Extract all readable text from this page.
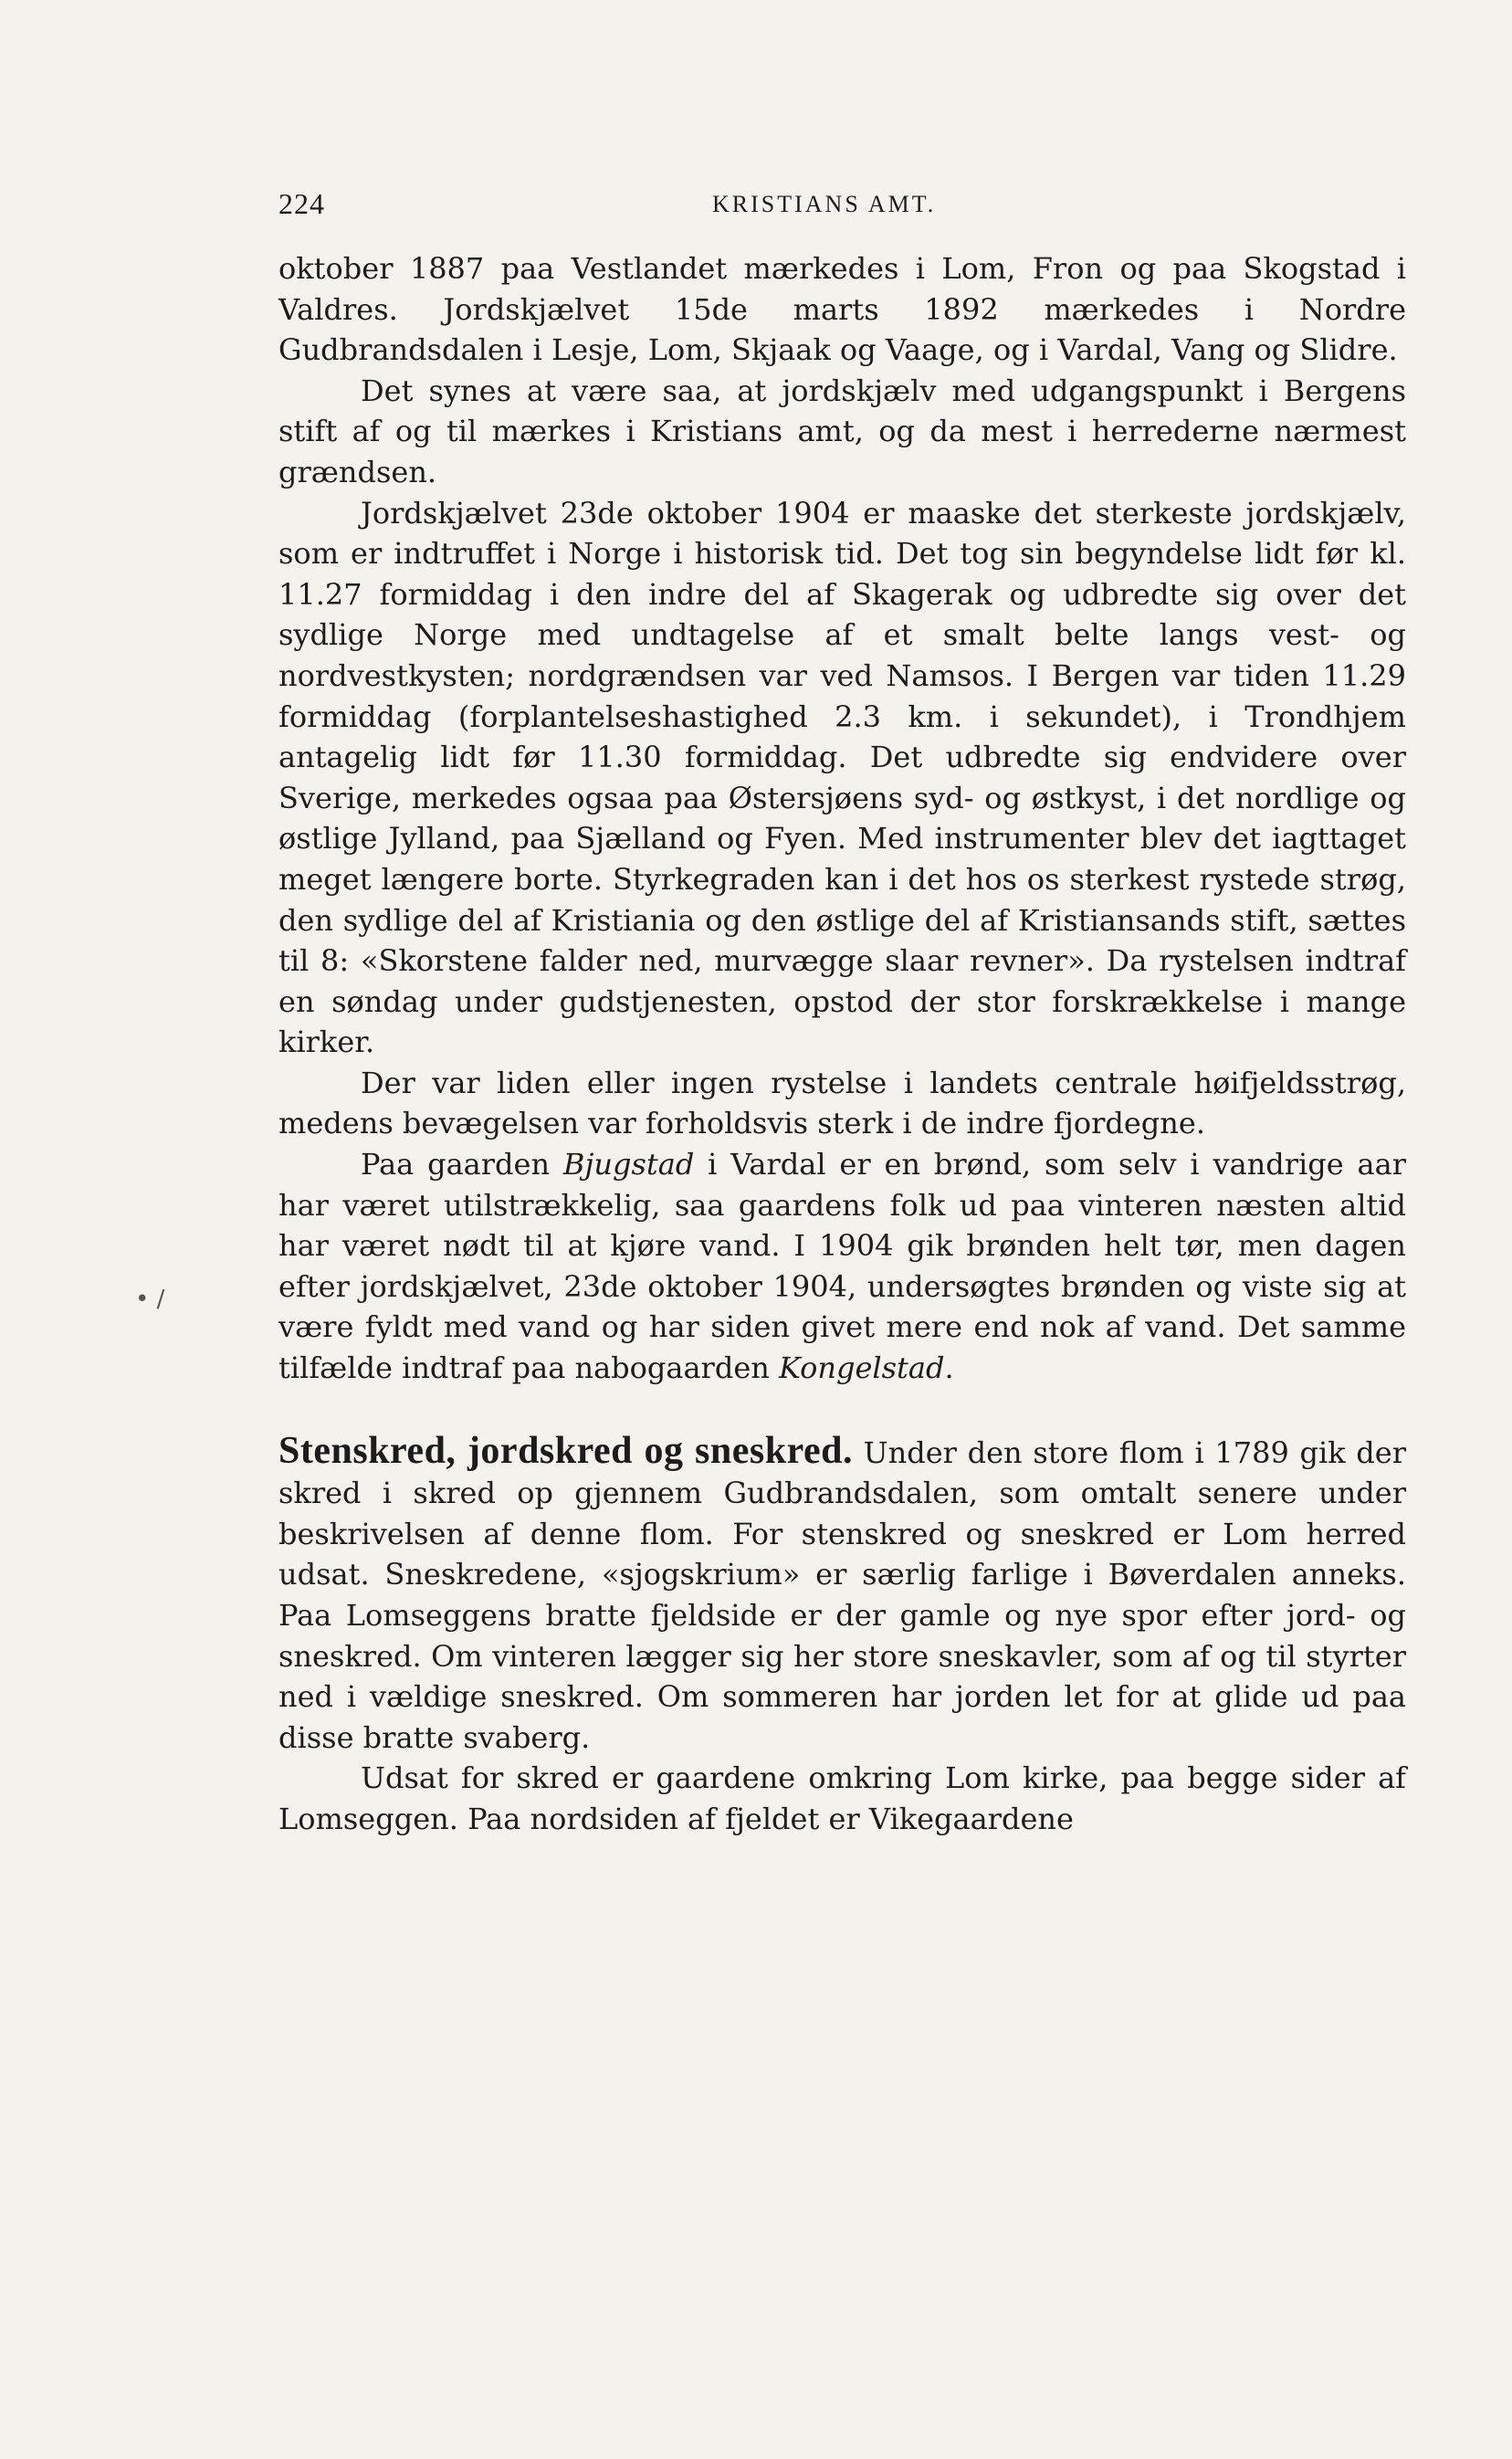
224	KRISTIANS AMT.
• /

oktober 1887 paa Vestlandet mærkedes i Lom, Fron og paa Skogstad i Valdres. Jordskjælvet 15de marts 1892 mærkedes i Nordre Gudbrandsdalen i Lesje, Lom, Skjaak og Vaage, og i Vardal, Vang og Slidre.

Det synes at være saa, at jordskjælv med udgangspunkt i Bergens stift af og til mærkes i Kristians amt, og da mest i herrederne nærmest grændsen.

Jordskjælvet 23de oktober 1904 er maaske det sterkeste jordskjælv, som er indtruffet i Norge i historisk tid. Det tog sin begyndelse lidt før kl. 11.27 formiddag i den indre del af Skagerak og udbredte sig over det sydlige Norge med undtagelse af et smalt belte langs vest- og nordvestkysten; nordgrændsen var ved Namsos. I Bergen var tiden 11.29 formiddag (forplantelseshastighed 2.3 km. i sekundet), i Trondhjem antagelig lidt før 11.30 formiddag. Det udbredte sig endvidere over Sverige, merkedes ogsaa paa Østersjøens syd- og østkyst, i det nordlige og østlige Jylland, paa Sjælland og Fyen. Med instrumenter blev det iagttaget meget længere borte. Styrkegraden kan i det hos os sterkest rystede strøg, den sydlige del af Kristiania og den østlige del af Kristiansands stift, sættes til 8: «Skorstene falder ned, murvægge slaar revner». Da rystelsen indtraf en søndag under gudstjenesten, opstod der stor forskrækkelse i mange kirker.

Der var liden eller ingen rystelse i landets centrale høifjeldsstrøg, medens bevægelsen var forholdsvis sterk i de indre fjordegne.

Paa gaarden Bjugstad i Vardal er en brønd, som selv i vandrige aar har været utilstrækkelig, saa gaardens folk ud paa vinteren næsten altid har været nødt til at kjøre vand. I 1904 gik brønden helt tør, men dagen efter jordskjælvet, 23de oktober 1904, undersøgtes brønden og viste sig at være fyldt med vand og har siden givet mere end nok af vand. Det samme tilfælde indtraf paa nabogaarden Kongelstad.

Stenskred, jordskred og sneskred. Under den store flom i 1789 gik der skred i skred op gjennem Gudbrandsdalen, som omtalt senere under beskrivelsen af denne flom. For stenskred og sneskred er Lom herred udsat. Sneskredene, «sjogskrium» er særlig farlige i Bøverdalen anneks. Paa Lomseggens bratte fjeldside er der gamle og nye spor efter jord- og sneskred. Om vinteren lægger sig her store sneskavler, som af og til styrter ned i vældige sneskred. Om sommeren har jorden let for at glide ud paa disse bratte svaberg.

Udsat for skred er gaardene omkring Lom kirke, paa begge sider af Lomseggen. Paa nordsiden af fjeldet er Vikegaardene
